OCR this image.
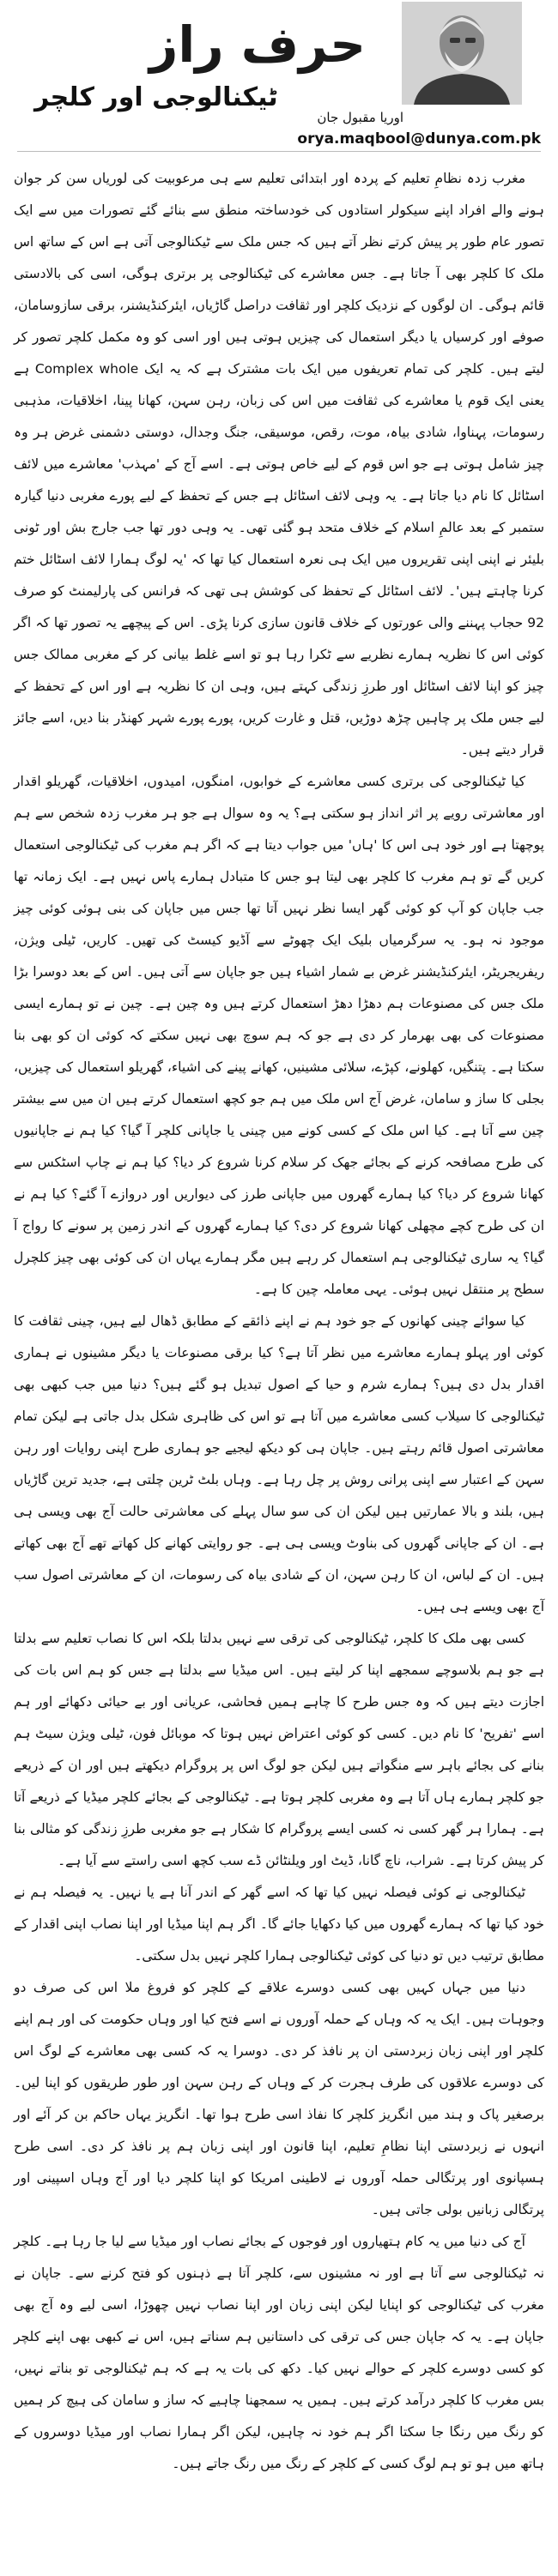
حرف راز
ٹیکنالوجی اور کلچر
اوریا مقبول جان
orya.maqbool@dunya.com.pk

مغرب زدہ نظامِ تعلیم کے پردہ اور ابتدائی تعلیم سے ہی مرعوبیت کی لوریاں سن کر جوان ہونے والے افراد اپنے سیکولر استادوں کی خودساختہ منطق سے بنائے گئے تصورات میں سے ایک تصور عام طور پر پیش کرتے نظر آتے ہیں کہ جس ملک سے ٹیکنالوجی آتی ہے اس کے ساتھ اس ملک کا کلچر بھی آ جاتا ہے۔ جس معاشرے کی ٹیکنالوجی پر برتری ہوگی، اسی کی بالادستی قائم ہوگی۔ ان لوگوں کے نزدیک کلچر اور ثقافت دراصل گاڑیاں، ایئرکنڈیشنر، برقی سازوسامان، صوفے اور کرسیاں یا دیگر استعمال کی چیزیں ہوتی ہیں اور اسی کو وہ مکمل کلچر تصور کر لیتے ہیں۔ کلچر کی تمام تعریفوں میں ایک بات مشترک ہے کہ یہ ایک Complex whole ہے یعنی ایک قوم یا معاشرے کی ثقافت میں اس کی زبان، رہن سہن، کھانا پینا، اخلاقیات، مذہبی رسومات، پہناوا، شادی بیاہ، موت، رقص، موسیقی، جنگ وجدال، دوستی دشمنی غرض ہر وہ چیز شامل ہوتی ہے جو اس قوم کے لیے خاص ہوتی ہے۔ اسے آج کے 'مہذب' معاشرے میں لائف اسٹائل کا نام دیا جاتا ہے۔ یہ وہی لائف اسٹائل ہے جس کے تحفظ کے لیے پورے مغربی دنیا گیارہ ستمبر کے بعد عالمِ اسلام کے خلاف متحد ہو گئی تھی۔ یہ وہی دور تھا جب جارج بش اور ٹونی بلیئر نے اپنی اپنی تقریروں میں ایک ہی نعرہ استعمال کیا تھا کہ 'یہ لوگ ہمارا لائف اسٹائل ختم کرنا چاہتے ہیں'۔ لائف اسٹائل کے تحفظ کی کوشش ہی تھی کہ فرانس کی پارلیمنٹ کو صرف 92 حجاب پہننے والی عورتوں کے خلاف قانون سازی کرنا پڑی۔ اس کے پیچھے یہ تصور تھا کہ اگر کوئی اس کا نظریہ ہمارے نظریے سے ٹکرا رہا ہو تو اسے غلط بیانی کر کے مغربی ممالک جس چیز کو اپنا لائف اسٹائل اور طرزِ زندگی کہتے ہیں، وہی ان کا نظریہ ہے اور اس کے تحفظ کے لیے جس ملک پر چاہیں چڑھ دوڑیں، قتل و غارت کریں، پورے پورے شہر کھنڈر بنا دیں، اسے جائز قرار دیتے ہیں۔

کیا ٹیکنالوجی کی برتری کسی معاشرے کے خوابوں، امنگوں، امیدوں، اخلاقیات، گھریلو اقدار اور معاشرتی رویے پر اثر انداز ہو سکتی ہے؟ یہ وہ سوال ہے جو ہر مغرب زدہ شخص سے ہم پوچھتا ہے اور خود ہی اس کا 'ہاں' میں جواب دیتا ہے کہ اگر ہم مغرب کی ٹیکنالوجی استعمال کریں گے تو ہم مغرب کا کلچر بھی لیتا ہو جس کا متبادل ہمارے پاس نہیں ہے۔ ایک زمانہ تھا جب جاپان کو آپ کو کوئی گھر ایسا نظر نہیں آتا تھا جس میں جاپان کی بنی ہوئی کوئی چیز موجود نہ ہو۔ یہ سرگرمیاں بلیک ایک چھوٹے سے آڈیو کیسٹ کی تھیں۔ کاریں، ٹیلی ویژن، ریفریجریٹر، ایئرکنڈیشنر غرض بے شمار اشیاء ہیں جو جاپان سے آتی ہیں۔ اس کے بعد دوسرا بڑا ملک جس کی مصنوعات ہم دھڑا دھڑ استعمال کرتے ہیں وہ چین ہے۔ چین نے تو ہمارے ایسی مصنوعات کی بھی بھرمار کر دی ہے جو کہ ہم سوچ بھی نہیں سکتے کہ کوئی ان کو بھی بنا سکتا ہے۔ پتنگیں، کھلونے، کپڑے، سلائی مشینیں، کھانے پینے کی اشیاء، گھریلو استعمال کی چیزیں، بجلی کا ساز و سامان، غرض آج اس ملک میں ہم جو کچھ استعمال کرتے ہیں ان میں سے بیشتر چین سے آتا ہے۔ کیا اس ملک کے کسی کونے میں چینی یا جاپانی کلچر آ گیا؟ کیا ہم نے جاپانیوں کی طرح مصافحہ کرنے کے بجائے جھک کر سلام کرنا شروع کر دیا؟ کیا ہم نے چاپ اسٹکس سے کھانا شروع کر دیا؟ کیا ہمارے گھروں میں جاپانی طرز کی دیواریں اور دروازے آ گئے؟ کیا ہم نے ان کی طرح کچے مچھلی کھانا شروع کر دی؟ کیا ہمارے گھروں کے اندر زمین پر سونے کا رواج آ گیا؟ یہ ساری ٹیکنالوجی ہم استعمال کر رہے ہیں مگر ہمارے یہاں ان کی کوئی بھی چیز کلچرل سطح پر منتقل نہیں ہوئی۔ یہی معاملہ چین کا ہے۔

کیا سوائے چینی کھانوں کے جو خود ہم نے اپنے ذائقے کے مطابق ڈھال لیے ہیں، چینی ثقافت کا کوئی اور پہلو ہمارے معاشرے میں نظر آتا ہے؟ کیا برقی مصنوعات یا دیگر مشینوں نے ہماری اقدار بدل دی ہیں؟ ہمارے شرم و حیا کے اصول تبدیل ہو گئے ہیں؟ دنیا میں جب کبھی بھی ٹیکنالوجی کا سیلاب کسی معاشرے میں آتا ہے تو اس کی ظاہری شکل بدل جاتی ہے لیکن تمام معاشرتی اصول قائم رہتے ہیں۔ جاپان ہی کو دیکھ لیجیے جو ہماری طرح اپنی روایات اور رہن سہن کے اعتبار سے اپنی پرانی روش پر چل رہا ہے۔ وہاں بلٹ ٹرین چلتی ہے، جدید ترین گاڑیاں ہیں، بلند و بالا عمارتیں ہیں لیکن ان کی سو سال پہلے کی معاشرتی حالت آج بھی ویسی ہی ہے۔ ان کے جاپانی گھروں کی بناوٹ ویسی ہی ہے۔ جو روایتی کھانے کل کھاتے تھے آج بھی کھاتے ہیں۔ ان کے لباس، ان کا رہن سہن، ان کے شادی بیاہ کی رسومات، ان کے معاشرتی اصول سب آج بھی ویسے ہی ہیں۔

کسی بھی ملک کا کلچر، ٹیکنالوجی کی ترقی سے نہیں بدلتا بلکہ اس کا نصاب تعلیم سے بدلتا ہے جو ہم بلاسوچے سمجھے اپنا کر لیتے ہیں۔ اس میڈیا سے بدلتا ہے جس کو ہم اس بات کی اجازت دیتے ہیں کہ وہ جس طرح کا چاہے ہمیں فحاشی، عریانی اور بے حیائی دکھائے اور ہم اسے 'تفریح' کا نام دیں۔ کسی کو کوئی اعتراض نہیں ہوتا کہ موبائل فون، ٹیلی ویژن سیٹ ہم بنانے کی بجائے باہر سے منگواتے ہیں لیکن جو لوگ اس پر پروگرام دیکھتے ہیں اور ان کے ذریعے جو کلچر ہمارے ہاں آتا ہے وہ مغربی کلچر ہوتا ہے۔ ٹیکنالوجی کے بجائے کلچر میڈیا کے ذریعے آتا ہے۔ ہمارا ہر گھر کسی نہ کسی ایسے پروگرام کا شکار ہے جو مغربی طرزِ زندگی کو مثالی بنا کر پیش کرتا ہے۔ شراب، ناچ گانا، ڈیٹ اور ویلنٹائن ڈے سب کچھ اسی راستے سے آیا ہے۔

ٹیکنالوجی نے کوئی فیصلہ نہیں کیا تھا کہ اسے گھر کے اندر آنا ہے یا نہیں۔ یہ فیصلہ ہم نے خود کیا تھا کہ ہمارے گھروں میں کیا دکھایا جائے گا۔ اگر ہم اپنا میڈیا اور اپنا نصاب اپنی اقدار کے مطابق ترتیب دیں تو دنیا کی کوئی ٹیکنالوجی ہمارا کلچر نہیں بدل سکتی۔

دنیا میں جہاں کہیں بھی کسی دوسرے علاقے کے کلچر کو فروغ ملا اس کی صرف دو وجوہات ہیں۔ ایک یہ کہ وہاں کے حملہ آوروں نے اسے فتح کیا اور وہاں حکومت کی اور ہم اپنے کلچر اور اپنی زبان زبردستی ان پر نافذ کر دی۔ دوسرا یہ کہ کسی بھی معاشرے کے لوگ اس کی دوسرے علاقوں کی طرف ہجرت کر کے وہاں کے رہن سہن اور طور طریقوں کو اپنا لیں۔ برصغیر پاک و ہند میں انگریز کلچر کا نفاذ اسی طرح ہوا تھا۔ انگریز یہاں حاکم بن کر آئے اور انہوں نے زبردستی اپنا نظامِ تعلیم، اپنا قانون اور اپنی زبان ہم پر نافذ کر دی۔ اسی طرح ہسپانوی اور پرتگالی حملہ آوروں نے لاطینی امریکا کو اپنا کلچر دیا اور آج وہاں اسپینی اور پرتگالی زبانیں بولی جاتی ہیں۔

آج کی دنیا میں یہ کام ہتھیاروں اور فوجوں کے بجائے نصاب اور میڈیا سے لیا جا رہا ہے۔ کلچر نہ ٹیکنالوجی سے آتا ہے اور نہ مشینوں سے، کلچر آتا ہے ذہنوں کو فتح کرنے سے۔ جاپان نے مغرب کی ٹیکنالوجی کو اپنایا لیکن اپنی زبان اور اپنا نصاب نہیں چھوڑا، اسی لیے وہ آج بھی جاپان ہے۔ یہ کہ جاپان جس کی ترقی کی داستانیں ہم سناتے ہیں، اس نے کبھی بھی اپنے کلچر کو کسی دوسرے کلچر کے حوالے نہیں کیا۔ دکھ کی بات یہ ہے کہ ہم ٹیکنالوجی تو بناتے نہیں، بس مغرب کا کلچر درآمد کرتے ہیں۔ ہمیں یہ سمجھنا چاہیے کہ ساز و سامان کی ہیچ کر ہمیں کو رنگ میں رنگا جا سکتا اگر ہم خود نہ چاہیں، لیکن اگر ہمارا نصاب اور میڈیا دوسروں کے ہاتھ میں ہو تو ہم لوگ کسی کے کلچر کے رنگ میں رنگ جاتے ہیں۔
